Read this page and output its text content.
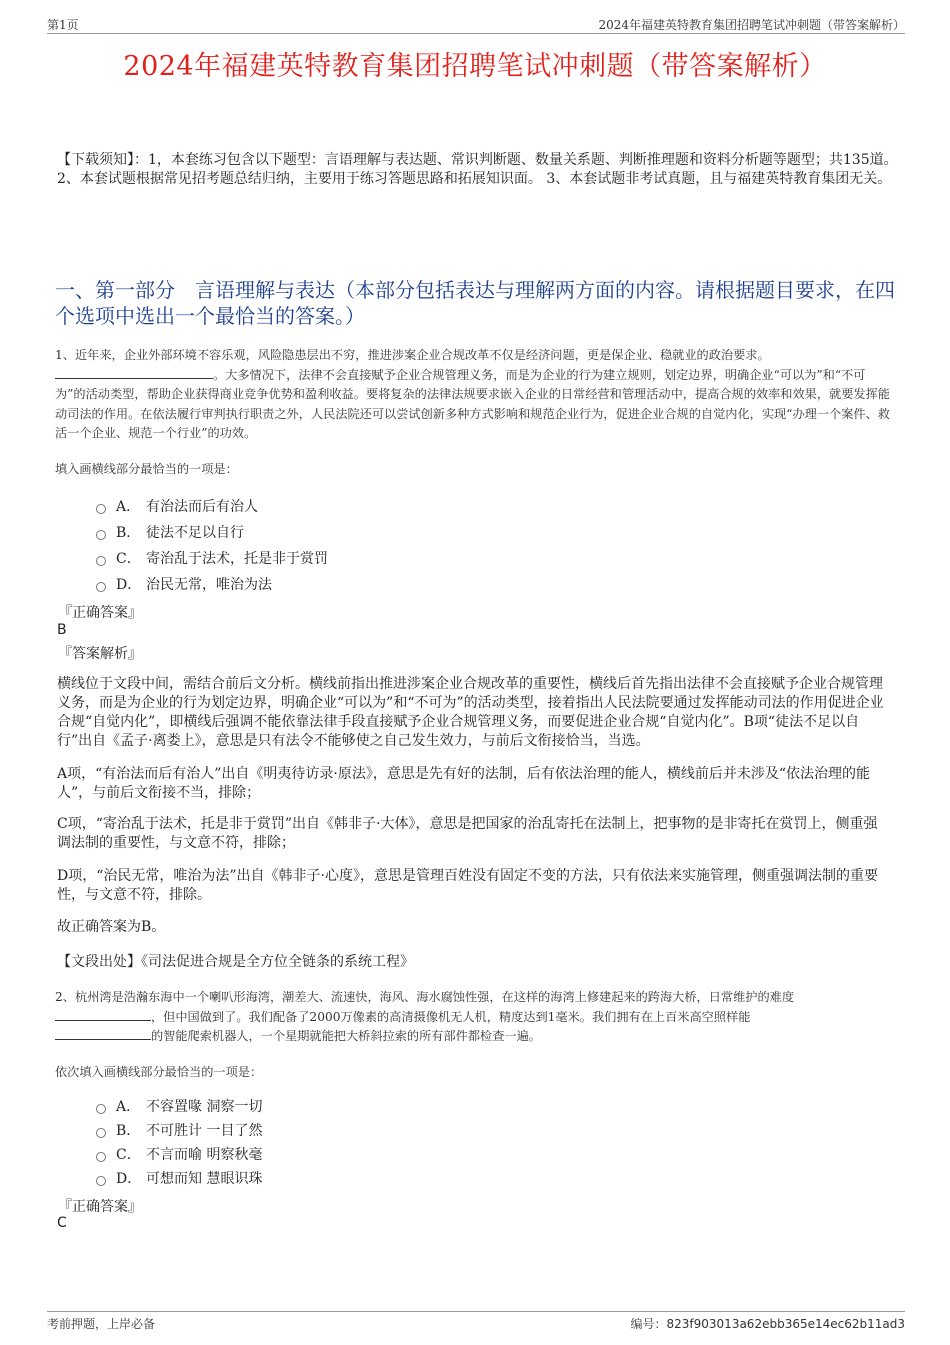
第1页	2024年福建英特教育集团招聘笔试冲刺题（带答案解析）
2024年福建英特教育集团招聘笔试冲刺题（带答案解析）
【下载须知】：1，本套练习包含以下题型：言语理解与表达题、常识判断题、数量关系题、判断推理题和资料分析题等题型；共135道。 2、本套试题根据常见招考题总结归纳，主要用于练习答题思路和拓展知识面。 3、本套试题非考试真题，且与福建英特教育集团无关。
一、第一部分　言语理解与表达（本部分包括表达与理解两方面的内容。请根据题目要求，在四个选项中选出一个最恰当的答案。）
1、近年来，企业外部环境不容乐观，风险隐患层出不穷，推进涉案企业合规改革不仅是经济问题，更是保企业、稳就业的政治要求。
。大多情况下，法律不会直接赋予企业合规管理义务，而是为企业的行为建立规则，划定边界，明确企业“可以为”和“不可为”的活动类型，帮助企业获得商业竞争优势和盈利收益。要将复杂的法律法规要求嵌入企业的日常经营和管理活动中，提高合规的效率和效果，就要发挥能动司法的作用。在依法履行审判执行职责之外，人民法院还可以尝试创新多种方式影响和规范企业行为，促进企业合规的自觉内化，实现“办理一个案件、救活一个企业、规范一个行业”的功效。
填入画横线部分最恰当的一项是：
A． 有治法而后有治人
B． 徒法不足以自行
C． 寄治乱于法术，托是非于赏罚
D． 治民无常，唯治为法
『正确答案』
B
『答案解析』
横线位于文段中间，需结合前后文分析。横线前指出推进涉案企业合规改革的重要性，横线后首先指出法律不会直接赋予企业合规管理义务，而是为企业的行为划定边界，明确企业“可以为”和“不可为”的活动类型，接着指出人民法院要通过发挥能动司法的作用促进企业合规“自觉内化”，即横线后强调不能依靠法律手段直接赋予企业合规管理义务，而要促进企业合规“自觉内化”。B项“徒法不足以自行”出自《孟子·离娄上》，意思是只有法令不能够使之自己发生效力，与前后文衔接恰当，当选。
A项，“有治法而后有治人”出自《明夷待访录·原法》，意思是先有好的法制，后有依法治理的能人，横线前后并未涉及“依法治理的能人”，与前后文衔接不当，排除；
C项，“寄治乱于法术，托是非于赏罚”出自《韩非子·大体》，意思是把国家的治乱寄托在法制上，把事物的是非寄托在赏罚上，侧重强调法制的重要性，与文意不符，排除；
D项，“治民无常，唯治为法”出自《韩非子·心度》，意思是管理百姓没有固定不变的方法，只有依法来实施管理，侧重强调法制的重要性，与文意不符，排除。
故正确答案为B。
【文段出处】《司法促进合规是全方位全链条的系统工程》
2、杭州湾是浩瀚东海中一个喇叭形海湾，潮差大、流速快，海风、海水腐蚀性强，在这样的海湾上修建起来的跨海大桥，日常维护的难度
，但中国做到了。我们配备了2000万像素的高清摄像机无人机，精度达到1毫米。我们拥有在上百米高空照样能
的智能爬索机器人，一个星期就能把大桥斜拉索的所有部件都检查一遍。
依次填入画横线部分最恰当的一项是：
A． 不容置喙 洞察一切
B． 不可胜计 一目了然
C． 不言而喻 明察秋毫
D． 可想而知 慧眼识珠
『正确答案』
C
考前押题，上岸必备	编号：823f903013a62ebb365e14ec62b11ad3
